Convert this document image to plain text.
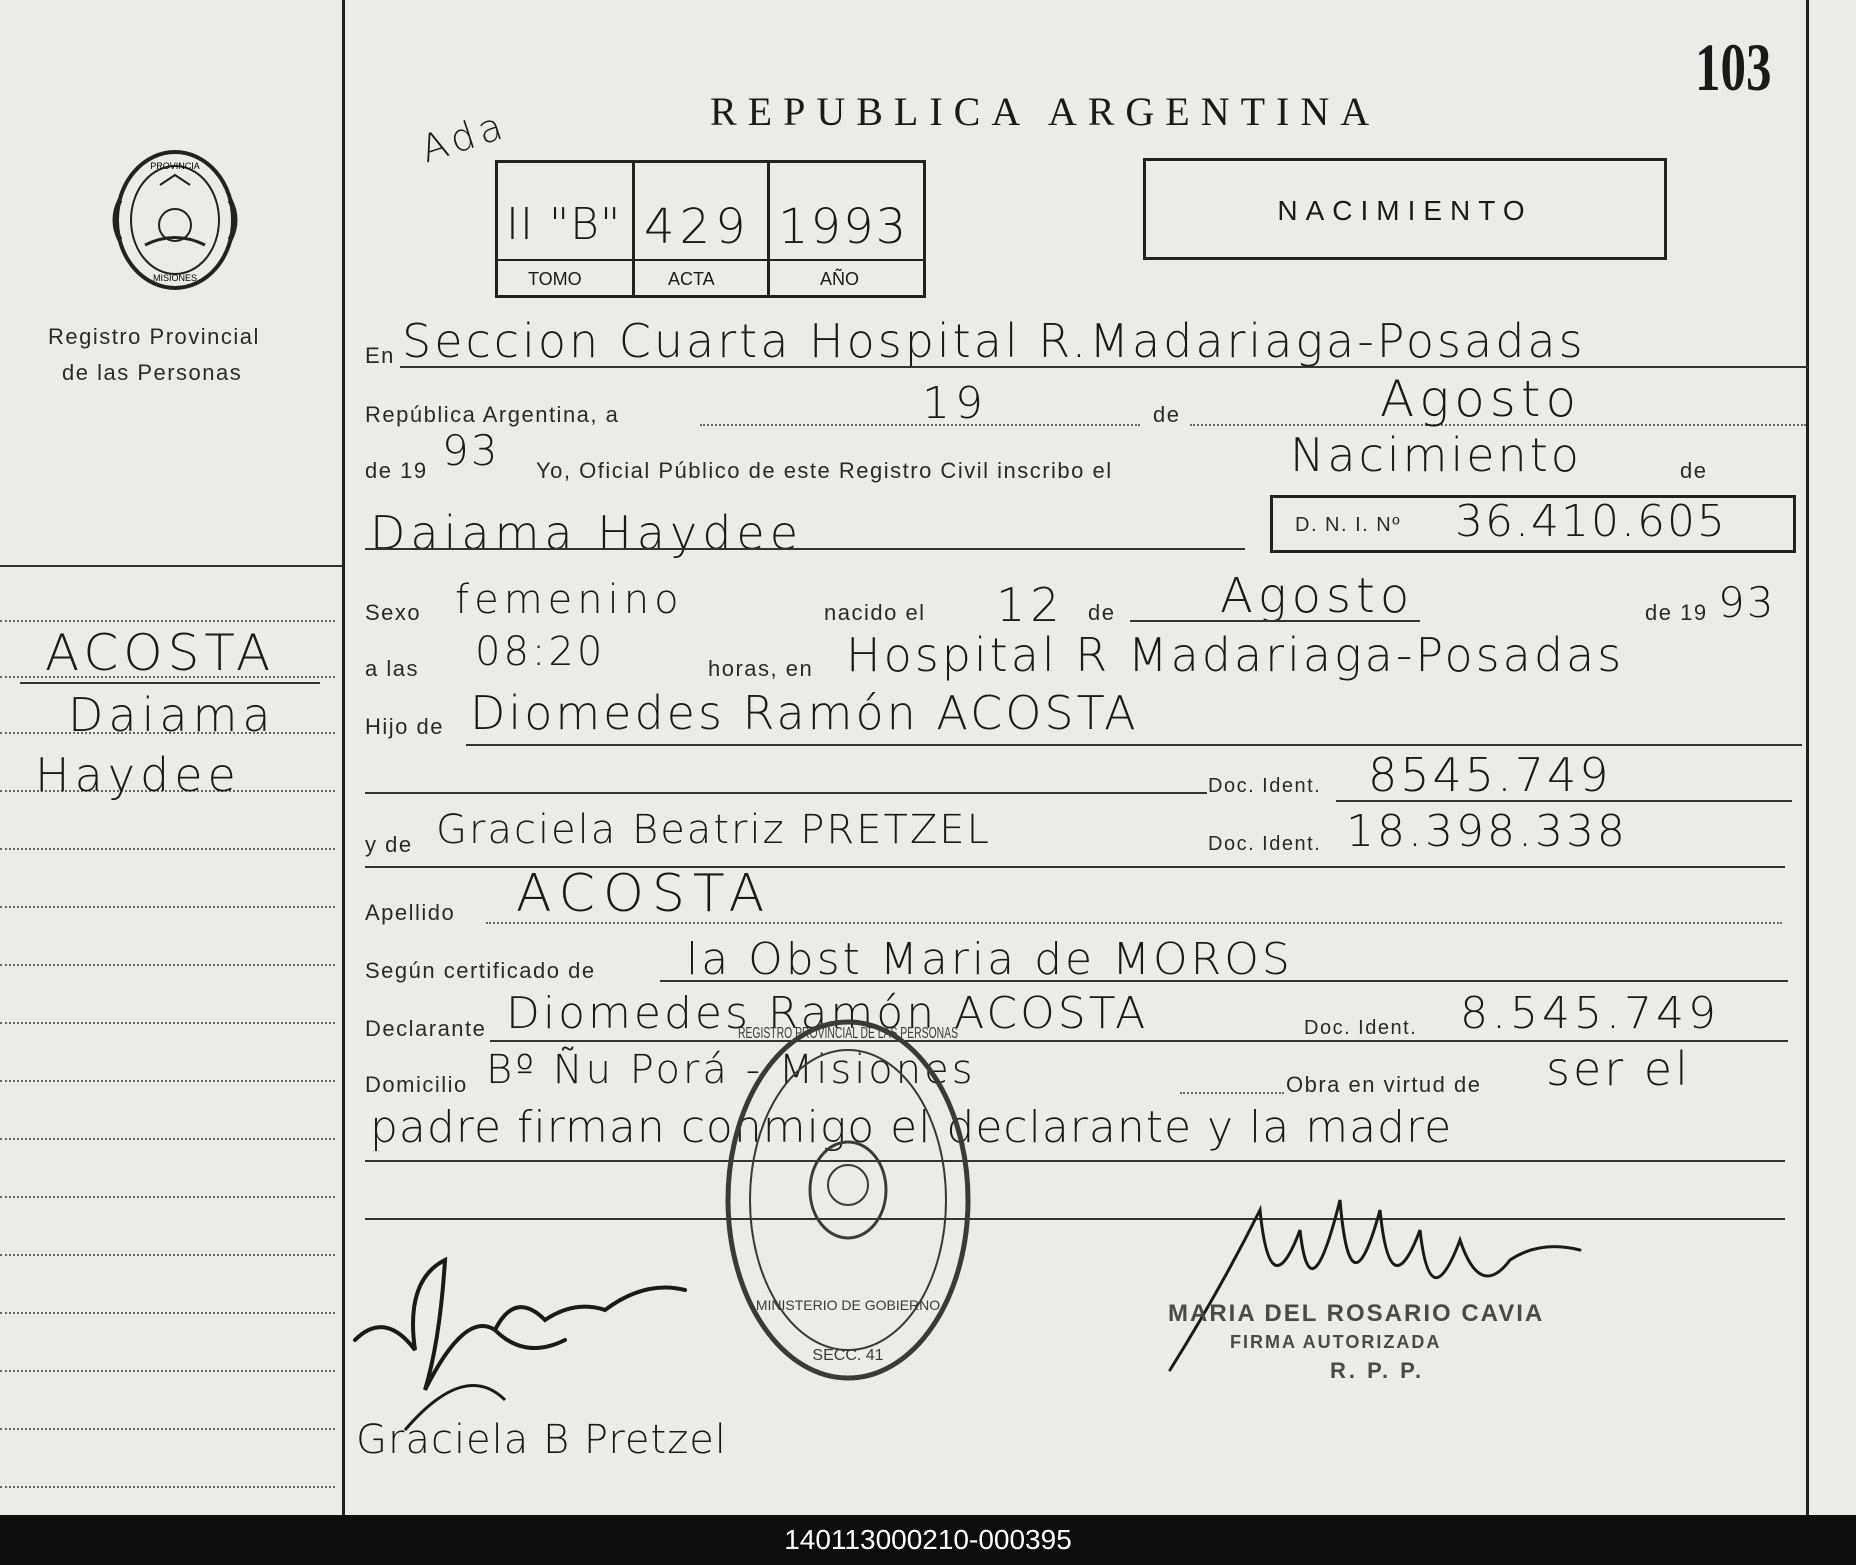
PROVINCIA
MISIONES
Registro Provincial
de las Personas
ACOSTA
Daiama
Haydee
REPUBLICA ARGENTINA
103
Ada
II "B" 429 1993
TOMO	ACTA	AÑO
NACIMIENTO
En Seccion Cuarta Hospital R.Madariaga-Posadas
República Argentina, a	19	de	Agosto
de 19 93 Yo, Oficial Público de este Registro Civil inscribo el	Nacimiento	de
Daiama Haydee	D. N. I. Nº 36.410.605
Sexo femenino	nacido el 12 de Agosto	de 19 93
a las 08:20	horas, en Hospital R Madariaga-Posadas
Hijo de Diomedes Ramón ACOSTA
Doc. Ident. 8545.749
y de Graciela Beatriz PRETZEL	Doc. Ident. 18.398.338
Apellido ACOSTA
Según certificado de la Obst Maria de MOROS
Declarante Diomedes Ramón ACOSTA	Doc. Ident. 8.545.749
Domicilio Bº Ñu Porá - Misiones	Obra en virtud de ser el
padre firman conmigo el declarante y la madre
REGISTRO PROVINCIAL DE LAS PERSONAS
MINISTERIO DE GOBIERNO
SECC. 41
MARIA DEL ROSARIO CAVIA
FIRMA AUTORIZADA
R. P. P.
Graciela B Pretzel
140113000210-000395
